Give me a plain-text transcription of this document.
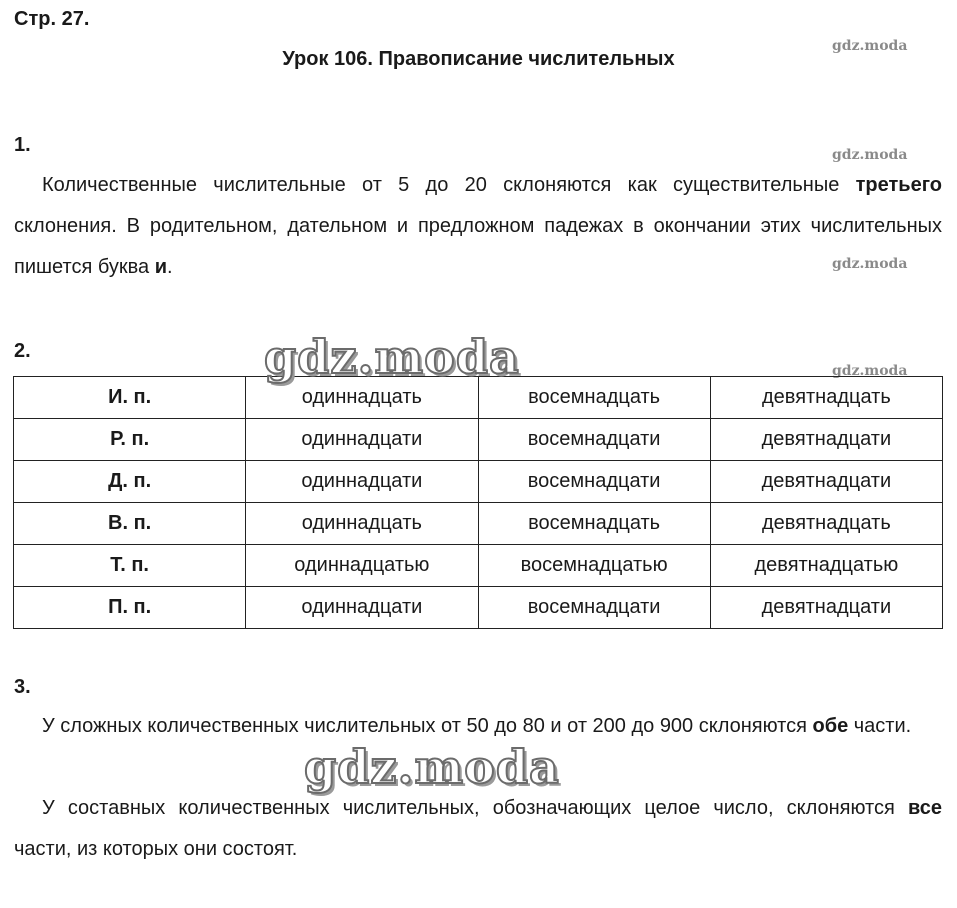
Стр. 27.
Урок 106. Правописание числительных
gdz.moda
gdz.moda
gdz.moda
gdz.moda
1.
Количественные числительные от 5 до 20 склоняются как существительные третьего склонения. В родительном, дательном и предложном падежах в окончании этих числительных пишется буква и.
2.
И. п.	одиннадцать	восемнадцать	девятнадцать
Р. п.	одиннадцати	восемнадцати	девятнадцати
Д. п.	одиннадцати	восемнадцати	девятнадцати
В. п.	одиннадцать	восемнадцать	девятнадцать
Т. п.	одиннадцатью	восемнадцатью	девятнадцатью
П. п.	одиннадцати	восемнадцати	девятнадцати
gdz.moda
3.
У сложных количественных числительных от 50 до 80 и от 200 до 900 склоняются обе части.
У составных количественных числительных, обозначающих целое число, склоняются все части, из которых они состоят.
gdz.moda
